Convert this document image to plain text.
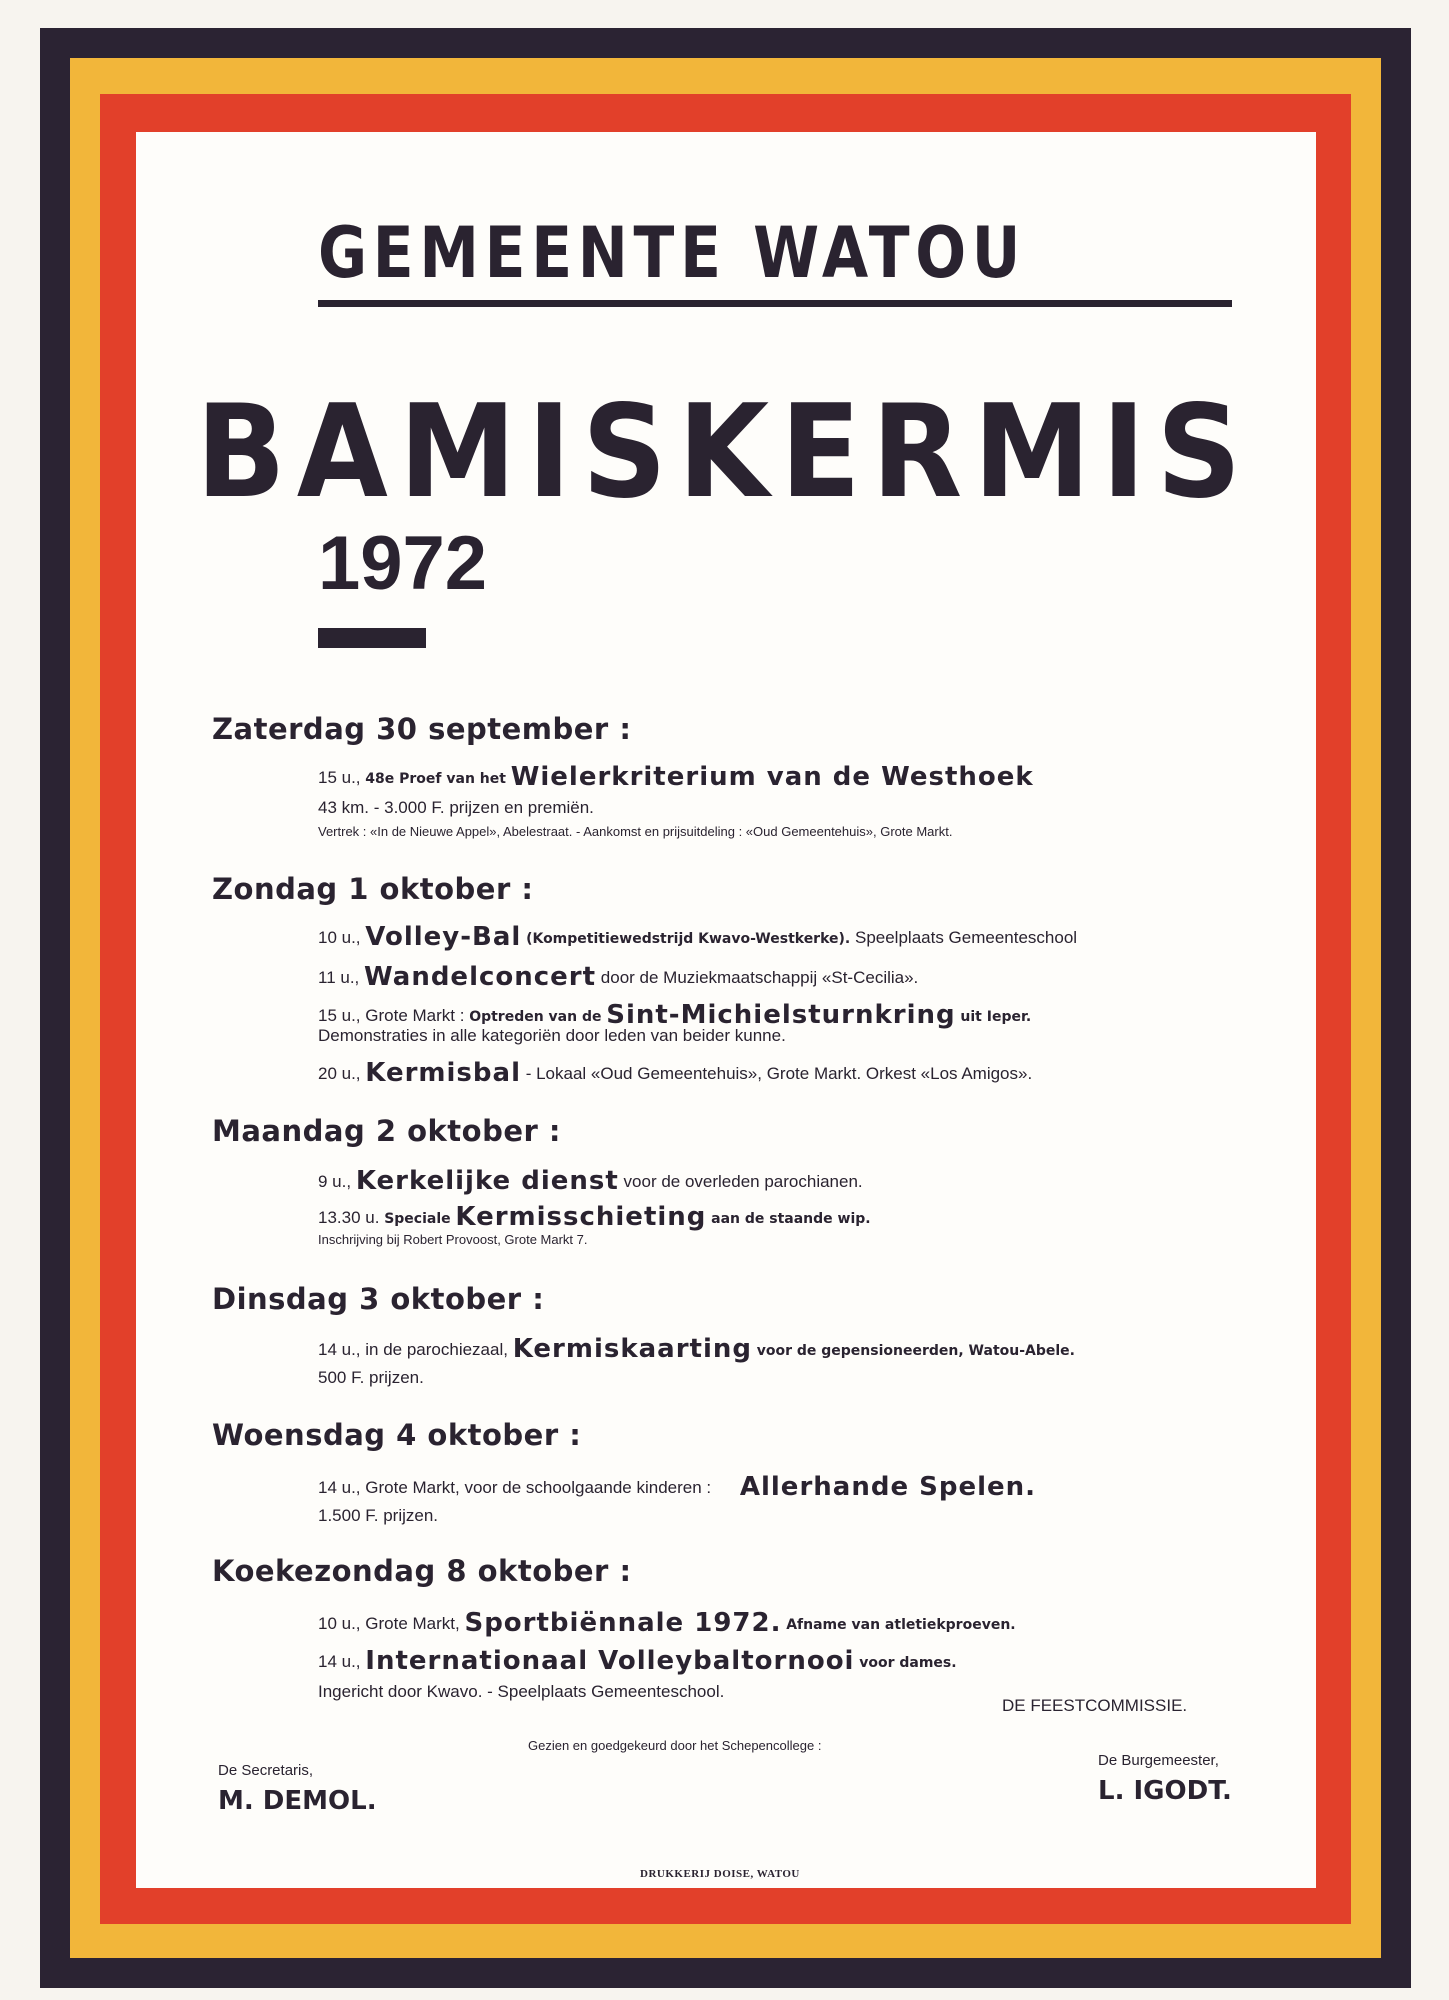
GEMEENTE WATOU
BAMISKERMIS
1972
Zaterdag 30 september :
15 u., 48e Proef van het Wielerkriterium van de Westhoek
43 km. - 3.000 F. prijzen en premiën.
Vertrek : «In de Nieuwe Appel», Abelestraat. - Aankomst en prijsuitdeling : «Oud Gemeentehuis», Grote Markt.
Zondag 1 oktober :
10 u., Volley-Bal (Kompetitiewedstrijd Kwavo-Westkerke). Speelplaats Gemeenteschool
11 u., Wandelconcert door de Muziekmaatschappij «St-Cecilia».
15 u., Grote Markt : Optreden van de Sint-Michielsturnkring uit Ieper.
Demonstraties in alle kategoriën door leden van beider kunne.
20 u., Kermisbal - Lokaal «Oud Gemeentehuis», Grote Markt. Orkest «Los Amigos».
Maandag 2 oktober :
9 u., Kerkelijke dienst voor de overleden parochianen.
13.30 u. Speciale Kermisschieting aan de staande wip.
Inschrijving bij Robert Provoost, Grote Markt 7.
Dinsdag 3 oktober :
14 u., in de parochiezaal, Kermiskaarting voor de gepensioneerden, Watou-Abele.
500 F. prijzen.
Woensdag 4 oktober :
14 u., Grote Markt, voor de schoolgaande kinderen : Allerhande Spelen.
1.500 F. prijzen.
Koekezondag 8 oktober :
10 u., Grote Markt, Sportbiënnale 1972. Afname van atletiekproeven.
14 u., Internationaal Volleybaltornooi voor dames.
Ingericht door Kwavo. - Speelplaats Gemeenteschool.
DE FEESTCOMMISSIE.
Gezien en goedgekeurd door het Schepencollege :
De Secretaris,
M. DEMOL.
De Burgemeester,
L. IGODT.
DRUKKERIJ DOISE, WATOU
